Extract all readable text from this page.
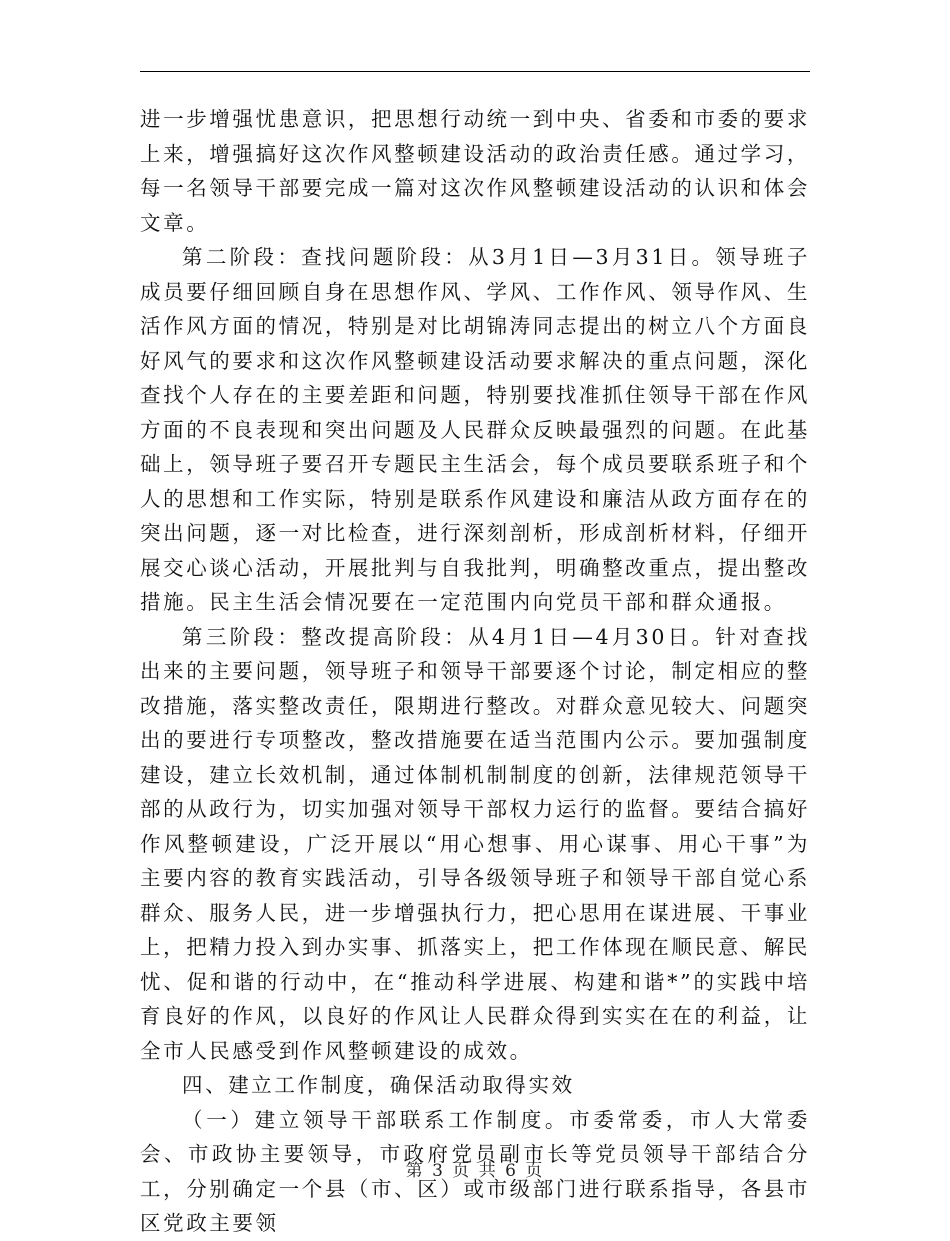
进一步增强忧患意识，把思想行动统一到中央、省委和市委的要求上来，增强搞好这次作风整顿建设活动的政治责任感。通过学习，每一名领导干部要完成一篇对这次作风整顿建设活动的认识和体会文章。

第二阶段：查找问题阶段：从3月1日—3月31日。领导班子成员要仔细回顾自身在思想作风、学风、工作作风、领导作风、生活作风方面的情况，特别是对比胡锦涛同志提出的树立八个方面良好风气的要求和这次作风整顿建设活动要求解决的重点问题，深化查找个人存在的主要差距和问题，特别要找准抓住领导干部在作风方面的不良表现和突出问题及人民群众反映最强烈的问题。在此基础上，领导班子要召开专题民主生活会，每个成员要联系班子和个人的思想和工作实际，特别是联系作风建设和廉洁从政方面存在的突出问题，逐一对比检查，进行深刻剖析，形成剖析材料，仔细开展交心谈心活动，开展批判与自我批判，明确整改重点，提出整改措施。民主生活会情况要在一定范围内向党员干部和群众通报。

第三阶段：整改提高阶段：从4月1日—4月30日。针对查找出来的主要问题，领导班子和领导干部要逐个讨论，制定相应的整改措施，落实整改责任，限期进行整改。对群众意见较大、问题突出的要进行专项整改，整改措施要在适当范围内公示。要加强制度建设，建立长效机制，通过体制机制制度的创新，法律规范领导干部的从政行为，切实加强对领导干部权力运行的监督。要结合搞好作风整顿建设，广泛开展以“用心想事、用心谋事、用心干事”为主要内容的教育实践活动，引导各级领导班子和领导干部自觉心系群众、服务人民，进一步增强执行力，把心思用在谋进展、干事业上，把精力投入到办实事、抓落实上，把工作体现在顺民意、解民忧、促和谐的行动中，在“推动科学进展、构建和谐*”的实践中培育良好的作风，以良好的作风让人民群众得到实实在在的利益，让全市人民感受到作风整顿建设的成效。

四、建立工作制度，确保活动取得实效

（一）建立领导干部联系工作制度。市委常委，市人大常委会、市政协主要领导，市政府党员副市长等党员领导干部结合分工，分别确定一个县（市、区）或市级部门进行联系指导，各县市区党政主要领

第 3 页 共 6 页
